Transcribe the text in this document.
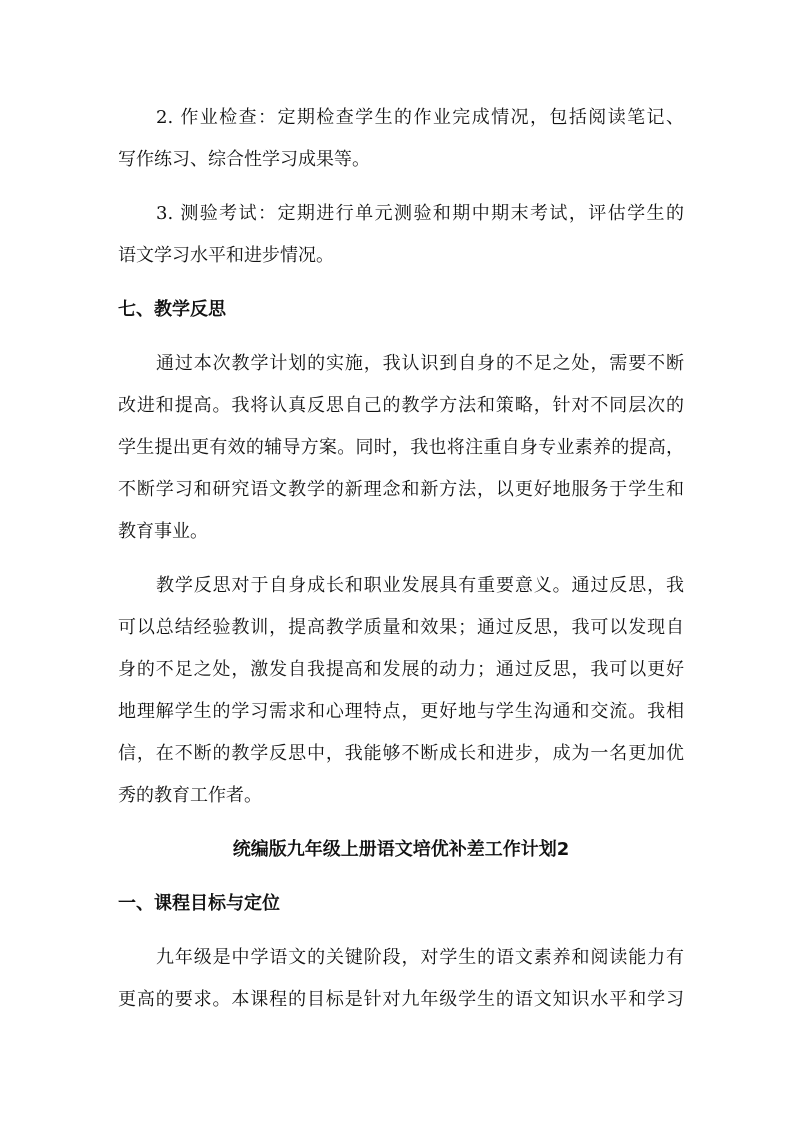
2. 作业检查：定期检查学生的作业完成情况，包括阅读笔记、
写作练习、综合性学习成果等。
3. 测验考试：定期进行单元测验和期中期末考试，评估学生的
语文学习水平和进步情况。
七、教学反思
通过本次教学计划的实施，我认识到自身的不足之处，需要不断
改进和提高。我将认真反思自己的教学方法和策略，针对不同层次的
学生提出更有效的辅导方案。同时，我也将注重自身专业素养的提高，
不断学习和研究语文教学的新理念和新方法，以更好地服务于学生和
教育事业。
教学反思对于自身成长和职业发展具有重要意义。通过反思，我
可以总结经验教训，提高教学质量和效果；通过反思，我可以发现自
身的不足之处，激发自我提高和发展的动力；通过反思，我可以更好
地理解学生的学习需求和心理特点，更好地与学生沟通和交流。我相
信，在不断的教学反思中，我能够不断成长和进步，成为一名更加优
秀的教育工作者。
统编版九年级上册语文培优补差工作计划2
一、课程目标与定位
九年级是中学语文的关键阶段，对学生的语文素养和阅读能力有
更高的要求。本课程的目标是针对九年级学生的语文知识水平和学习
